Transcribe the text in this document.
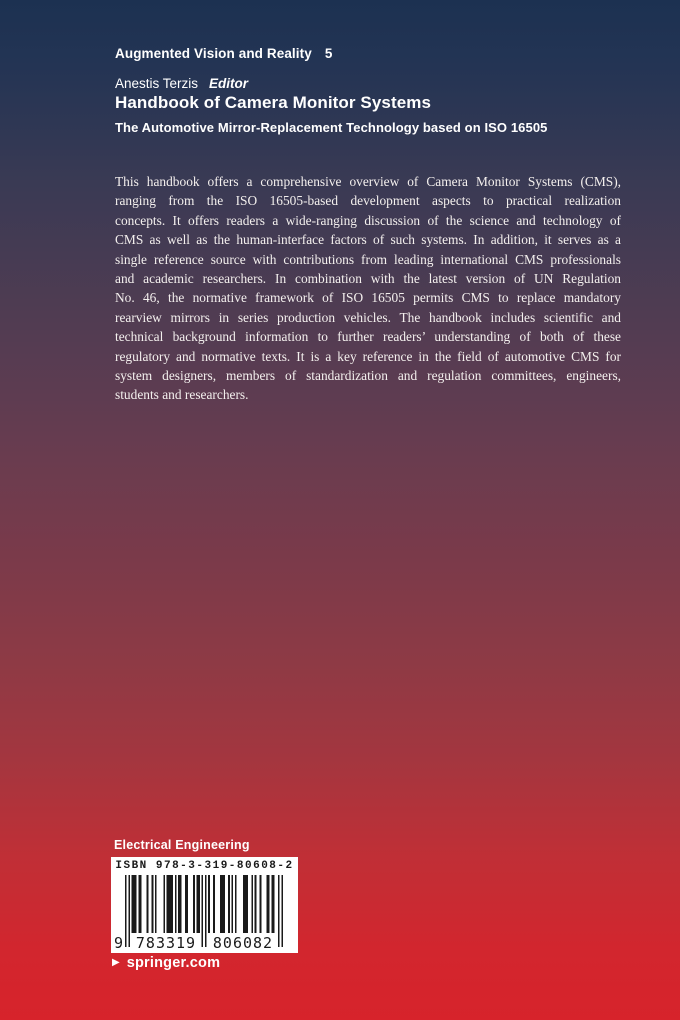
Augmented Vision and Reality 5
Anestis Terzis Editor
Handbook of Camera Monitor Systems
The Automotive Mirror-Replacement Technology based on ISO 16505
This handbook offers a comprehensive overview of Camera Monitor Systems (CMS),
ranging from the ISO 16505-based development aspects to practical realization
concepts. It offers readers a wide-ranging discussion of the science and technology of
CMS as well as the human-interface factors of such systems. In addition, it serves as a
single reference source with contributions from leading international CMS professionals
and academic researchers. In combination with the latest version of UN Regulation
No. 46, the normative framework of ISO 16505 permits CMS to replace mandatory
rearview mirrors in series production vehicles. The handbook includes scientific and
technical background information to further readers’ understanding of both of these
regulatory and normative texts. It is a key reference in the field of automotive CMS for
system designers, members of standardization and regulation committees, engineers,
students and researchers.
Electrical Engineering
ISBN 978-3-319-80608-2
9 783319	806082
▶ springer.com
